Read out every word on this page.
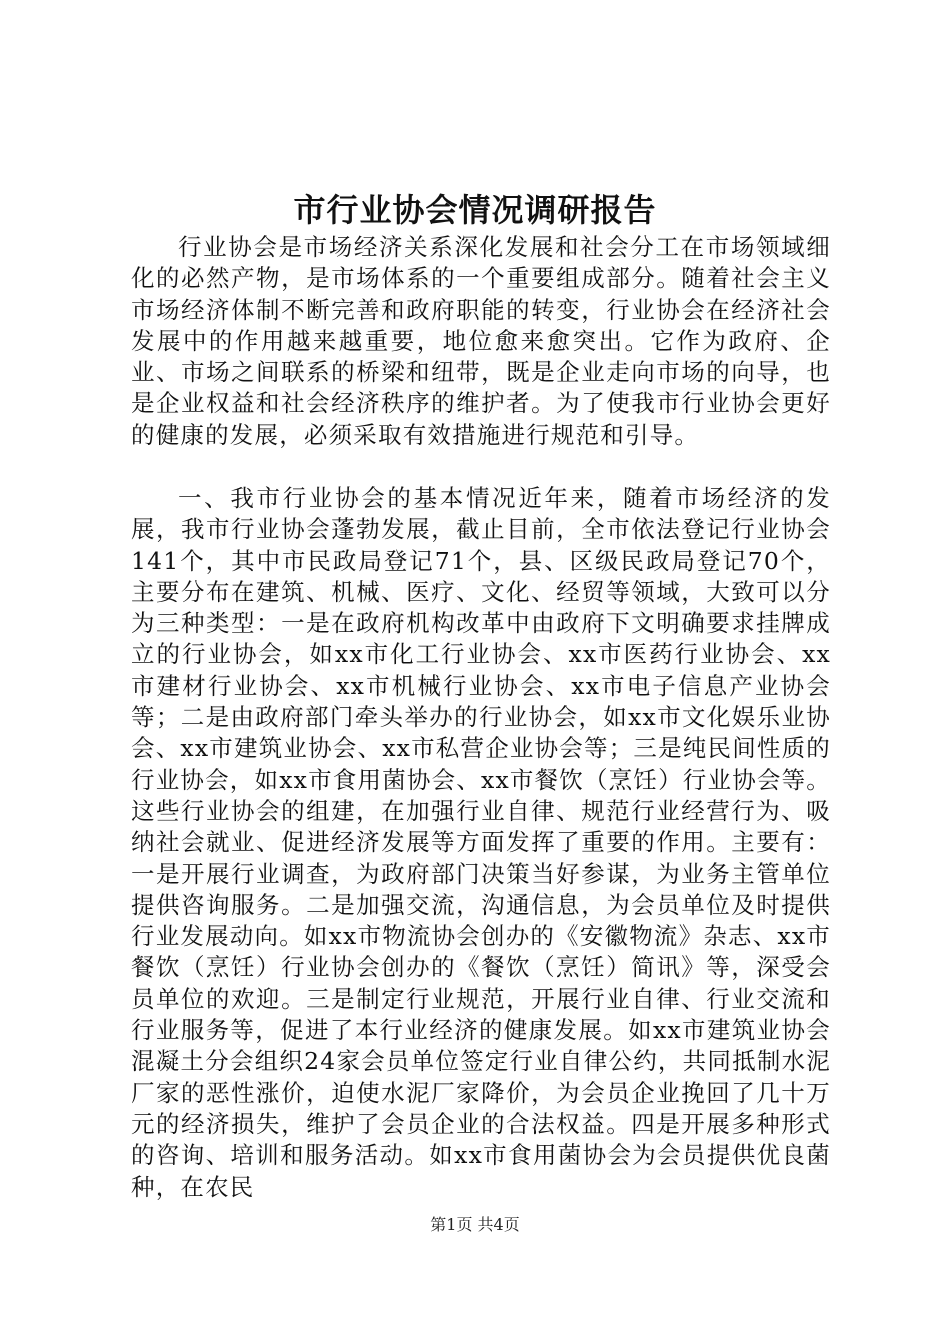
市行业协会情况调研报告

行业协会是市场经济关系深化发展和社会分工在市场领域细化的必然产物，是市场体系的一个重要组成部分。随着社会主义市场经济体制不断完善和政府职能的转变，行业协会在经济社会发展中的作用越来越重要，地位愈来愈突出。它作为政府、企业、市场之间联系的桥梁和纽带，既是企业走向市场的向导，也是企业权益和社会经济秩序的维护者。为了使我市行业协会更好的健康的发展，必须采取有效措施进行规范和引导。

一、我市行业协会的基本情况近年来，随着市场经济的发展，我市行业协会蓬勃发展，截止目前，全市依法登记行业协会141个，其中市民政局登记71个，县、区级民政局登记70个，主要分布在建筑、机械、医疗、文化、经贸等领域，大致可以分为三种类型：一是在政府机构改革中由政府下文明确要求挂牌成立的行业协会，如xx市化工行业协会、xx市医药行业协会、xx市建材行业协会、xx市机械行业协会、xx市电子信息产业协会等；二是由政府部门牵头举办的行业协会，如xx市文化娱乐业协会、xx市建筑业协会、xx市私营企业协会等；三是纯民间性质的行业协会，如xx市食用菌协会、xx市餐饮（烹饪）行业协会等。这些行业协会的组建，在加强行业自律、规范行业经营行为、吸纳社会就业、促进经济发展等方面发挥了重要的作用。主要有：一是开展行业调查，为政府部门决策当好参谋，为业务主管单位提供咨询服务。二是加强交流，沟通信息，为会员单位及时提供行业发展动向。如xx市物流协会创办的《安徽物流》杂志、xx市餐饮（烹饪）行业协会创办的《餐饮（烹饪）简讯》等，深受会员单位的欢迎。三是制定行业规范，开展行业自律、行业交流和行业服务等，促进了本行业经济的健康发展。如xx市建筑业协会混凝土分会组织24家会员单位签定行业自律公约，共同抵制水泥厂家的恶性涨价，迫使水泥厂家降价，为会员企业挽回了几十万元的经济损失，维护了会员企业的合法权益。四是开展多种形式的咨询、培训和服务活动。如xx市食用菌协会为会员提供优良菌种，在农民

第1页 共4页
